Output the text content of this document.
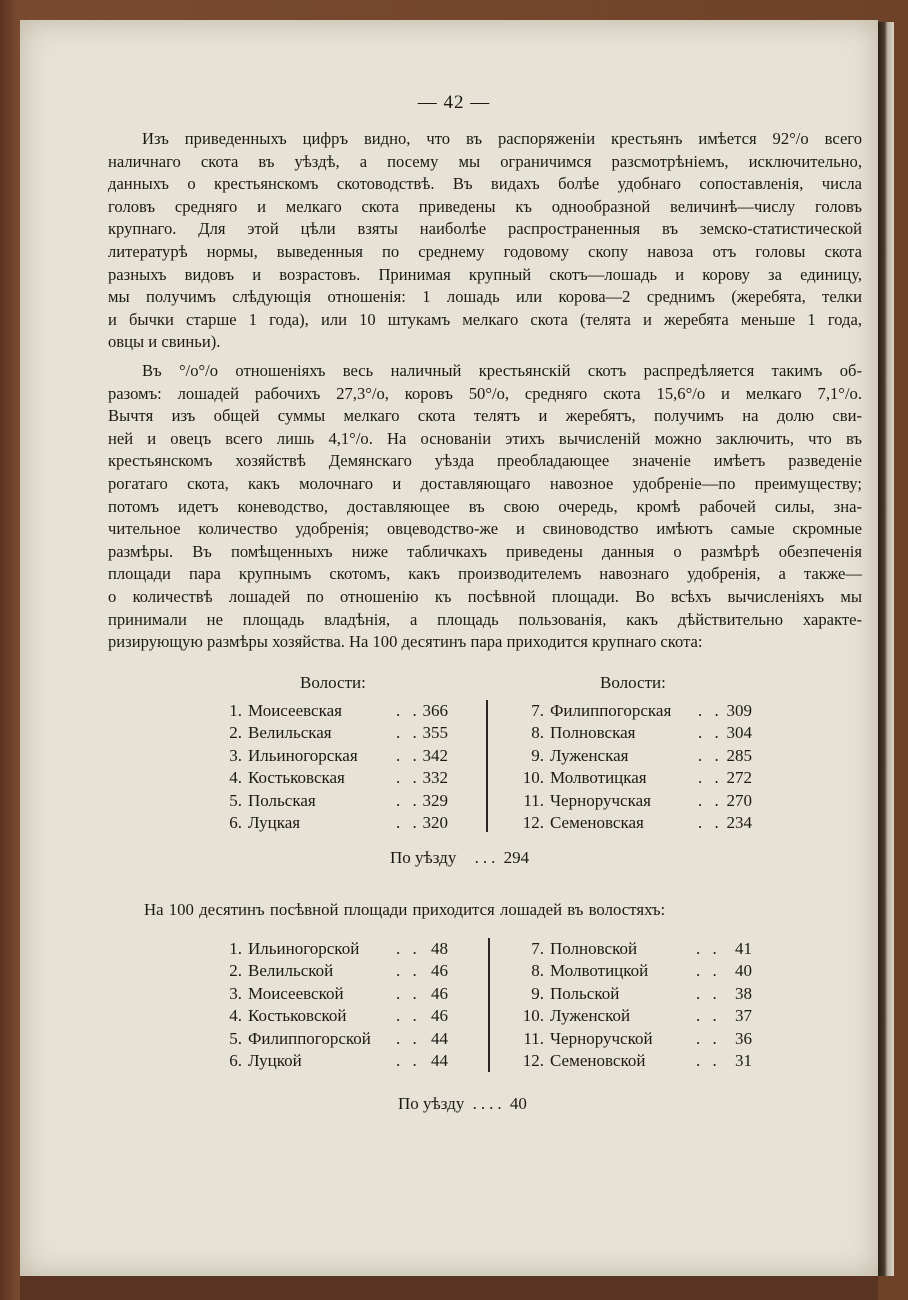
— 42 —
Изъ приведенныхъ цифръ видно, что въ распоряженіи крестьянъ имѣется 92°/о всего
наличнаго скота въ уѣздѣ, а посему мы ограничимся разсмотрѣніемъ, исключительно,
данныхъ о крестьянскомъ скотоводствѣ. Въ видахъ болѣе удобнаго сопоставленія, числа
головъ средняго и мелкаго скота приведены къ однообразной величинѣ—числу головъ
крупнаго. Для этой цѣли взяты наиболѣе распространенныя въ земско-статистической
литературѣ нормы, выведенныя по среднему годовому скопу навоза отъ головы скота
разныхъ видовъ и возрастовъ. Принимая крупный скотъ—лошадь и корову за единицу,
мы получимъ слѣдующія отношенія: 1 лошадь или корова—2 среднимъ (жеребята, телки
и бычки старше 1 года), или 10 штукамъ мелкаго скота (телята и жеребята меньше 1 года,
овцы и свиньи).
Въ °/о°/о отношеніяхъ весь наличный крестьянскій скотъ распредѣляется такимъ об-
разомъ: лошадей рабочихъ 27,3°/о, коровъ 50°/о, средняго скота 15,6°/о и мелкаго 7,1°/о.
Вычтя изъ общей суммы мелкаго скота телятъ и жеребятъ, получимъ на долю сви-
ней и овецъ всего лишь 4,1°/о. На основаніи этихъ вычисленій можно заключить, что въ
крестьянскомъ хозяйствѣ Демянскаго уѣзда преобладающее значеніе имѣетъ разведеніе
рогатаго скота, какъ молочнаго и доставляющаго навозное удобреніе—по преимуществу;
потомъ идетъ коневодство, доставляющее въ свою очередь, кромѣ рабочей силы, зна-
чительное количество удобренія; овцеводство-же и свиноводство имѣютъ самые скромные
размѣры. Въ помѣщенныхъ ниже табличкахъ приведены данныя о размѣрѣ обезпеченія
площади пара крупнымъ скотомъ, какъ производителемъ навознаго удобренія, а также—
о количествѣ лошадей по отношенію къ посѣвной площади. Во всѣхъ вычисленіяхъ мы
принимали не площадь владѣнія, а площадь пользованія, какъ дѣйствительно характе-
ризирующую размѣры хозяйства. На 100 десятинъ пара приходится крупнаго скота:
Волости:	Волости:
1. Моисеевская	. . 366
2. Велильская	. . 355
3. Ильиногорская . . 342
4. Костьковская	. . 332
5. Польская	. . 329
6. Луцкая	. . 320
7. Филиппогорская . . 309
8. Полновская	. . 304
9. Луженская	. . 285
10. Молвотицкая	. . 272
11. Черноручская	. . 270
12. Семеновская	. . 234
По уѣзду ... 294
На 100 десятинъ посѣвной площади приходится лошадей въ волостяхъ:
1. Ильиногорской . . 48
2. Велильской	. . 46
3. Моисеевской	. . 46
4. Костьковской	. . 46
5. Филиппогорской . . 44
6. Луцкой	. . 44
7. Полновской	. . 41
8. Молвотицкой	. . 40
9. Польской	. . 38
10. Луженской	. . 37
11. Черноручской	. . 36
12. Семеновской	. . 31
По уѣзду .... 40
